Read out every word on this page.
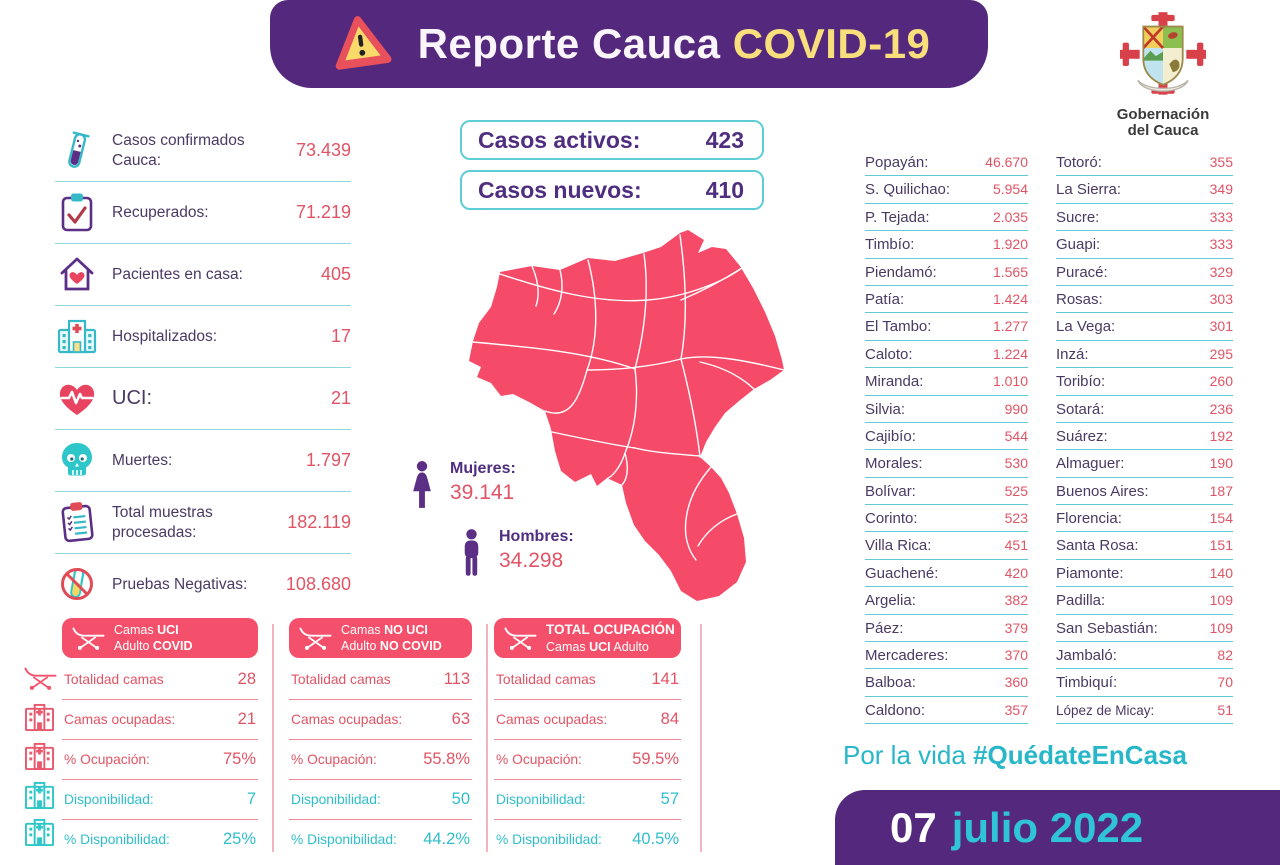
Reporte Cauca COVID-19
Gobernación
del Cauca
Casos confirmados Cauca:	73.439
Recuperados:	71.219
Pacientes en casa:	405
Hospitalizados:	17
UCI:	21
Muertes:	1.797
Total muestras procesadas:	182.119
Pruebas Negativas:	108.680
Casos activos:	423
Casos nuevos:	410
Mujeres:
39.141
Hombres:
34.298
Popayán:	46.670
S. Quilichao:	5.954
P. Tejada:	2.035
Timbío:	1.920
Piendamó:	1.565
Patía:	1.424
El Tambo:	1.277
Caloto:	1.224
Miranda:	1.010
Silvia:	990
Cajibío:	544
Morales:	530
Bolívar:	525
Corinto:	523
Villa Rica:	451
Guachené:	420
Argelia:	382
Páez:	379
Mercaderes:	370
Balboa:	360
Caldono:	357
Totoró:	355
La Sierra:	349
Sucre:	333
Guapi:	333
Puracé:	329
Rosas:	303
La Vega:	301
Inzá:	295
Toribío:	260
Sotará:	236
Suárez:	192
Almaguer:	190
Buenos Aires:	187
Florencia:	154
Santa Rosa:	151
Piamonte:	140
Padilla:	109
San Sebastián:	109
Jambaló:	82
Timbiquí:	70
López de Micay:	51
Camas UCI
Adulto COVID
Totalidad camas	28
Camas ocupadas:	21
% Ocupación:	75%
Disponibilidad:	7
% Disponibilidad:	25%
Camas NO UCI
Adulto NO COVID
Totalidad camas	113
Camas ocupadas:	63
% Ocupación:	55.8%
Disponibilidad:	50
% Disponibilidad: 44.2%
TOTAL OCUPACIÓN
Camas UCI Adulto
Totalidad camas	141
Camas ocupadas:	84
% Ocupación:	59.5%
Disponibilidad:	57
% Disponibilidad: 40.5%
Por la vida #QuédateEnCasa
07 julio 2022
